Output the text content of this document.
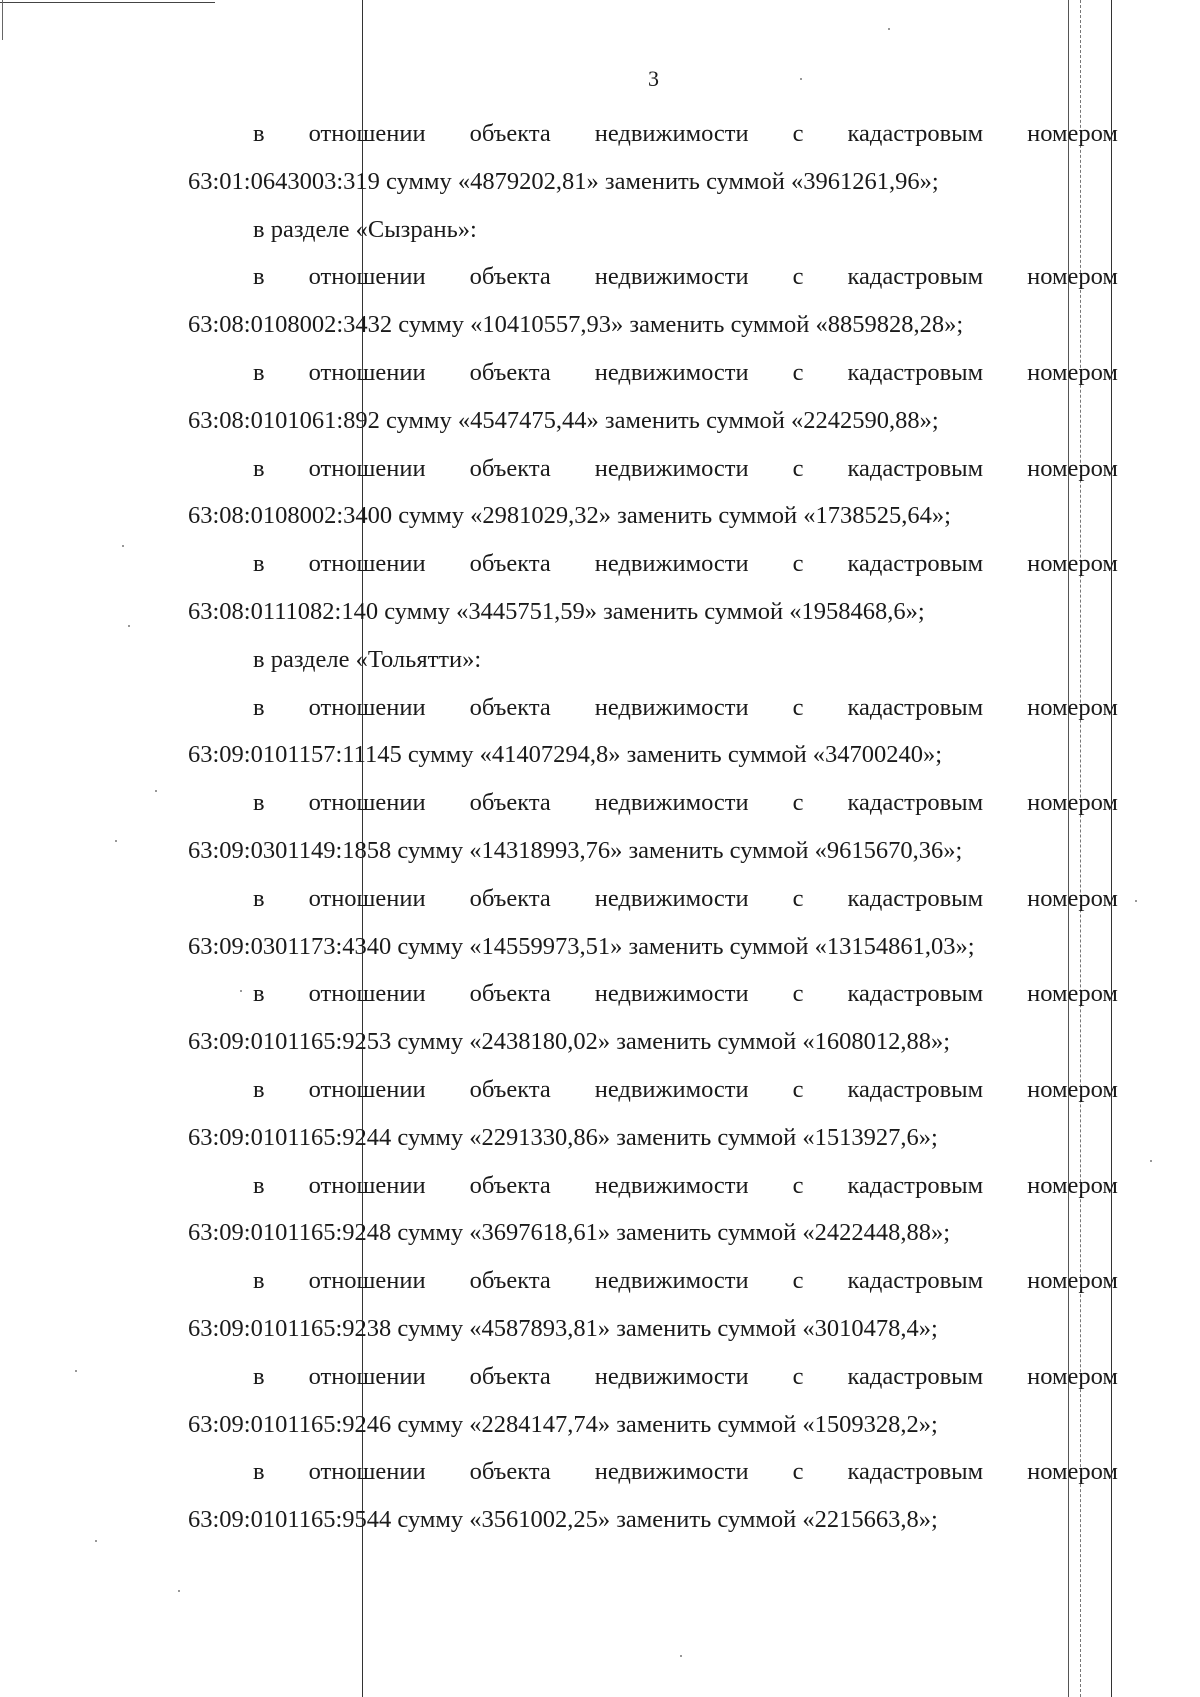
3
в отношении объекта недвижимости с кадастровым номером
63:01:0643003:319 сумму «4879202,81» заменить суммой «3961261,96»;
в разделе «Сызрань»:
в отношении объекта недвижимости с кадастровым номером
63:08:0108002:3432 сумму «10410557,93» заменить суммой «8859828,28»;
в отношении объекта недвижимости с кадастровым номером
63:08:0101061:892 сумму «4547475,44» заменить суммой «2242590,88»;
в отношении объекта недвижимости с кадастровым номером
63:08:0108002:3400 сумму «2981029,32» заменить суммой «1738525,64»;
в отношении объекта недвижимости с кадастровым номером
63:08:0111082:140 сумму «3445751,59» заменить суммой «1958468,6»;
в разделе «Тольятти»:
в отношении объекта недвижимости с кадастровым номером
63:09:0101157:11145 сумму «41407294,8» заменить суммой «34700240»;
в отношении объекта недвижимости с кадастровым номером
63:09:0301149:1858 сумму «14318993,76» заменить суммой «9615670,36»;
в отношении объекта недвижимости с кадастровым номером
63:09:0301173:4340 сумму «14559973,51» заменить суммой «13154861,03»;
в отношении объекта недвижимости с кадастровым номером
63:09:0101165:9253 сумму «2438180,02» заменить суммой «1608012,88»;
в отношении объекта недвижимости с кадастровым номером
63:09:0101165:9244 сумму «2291330,86» заменить суммой «1513927,6»;
в отношении объекта недвижимости с кадастровым номером
63:09:0101165:9248 сумму «3697618,61» заменить суммой «2422448,88»;
в отношении объекта недвижимости с кадастровым номером
63:09:0101165:9238 сумму «4587893,81» заменить суммой «3010478,4»;
в отношении объекта недвижимости с кадастровым номером
63:09:0101165:9246 сумму «2284147,74» заменить суммой «1509328,2»;
в отношении объекта недвижимости с кадастровым номером
63:09:0101165:9544 сумму «3561002,25» заменить суммой «2215663,8»;
